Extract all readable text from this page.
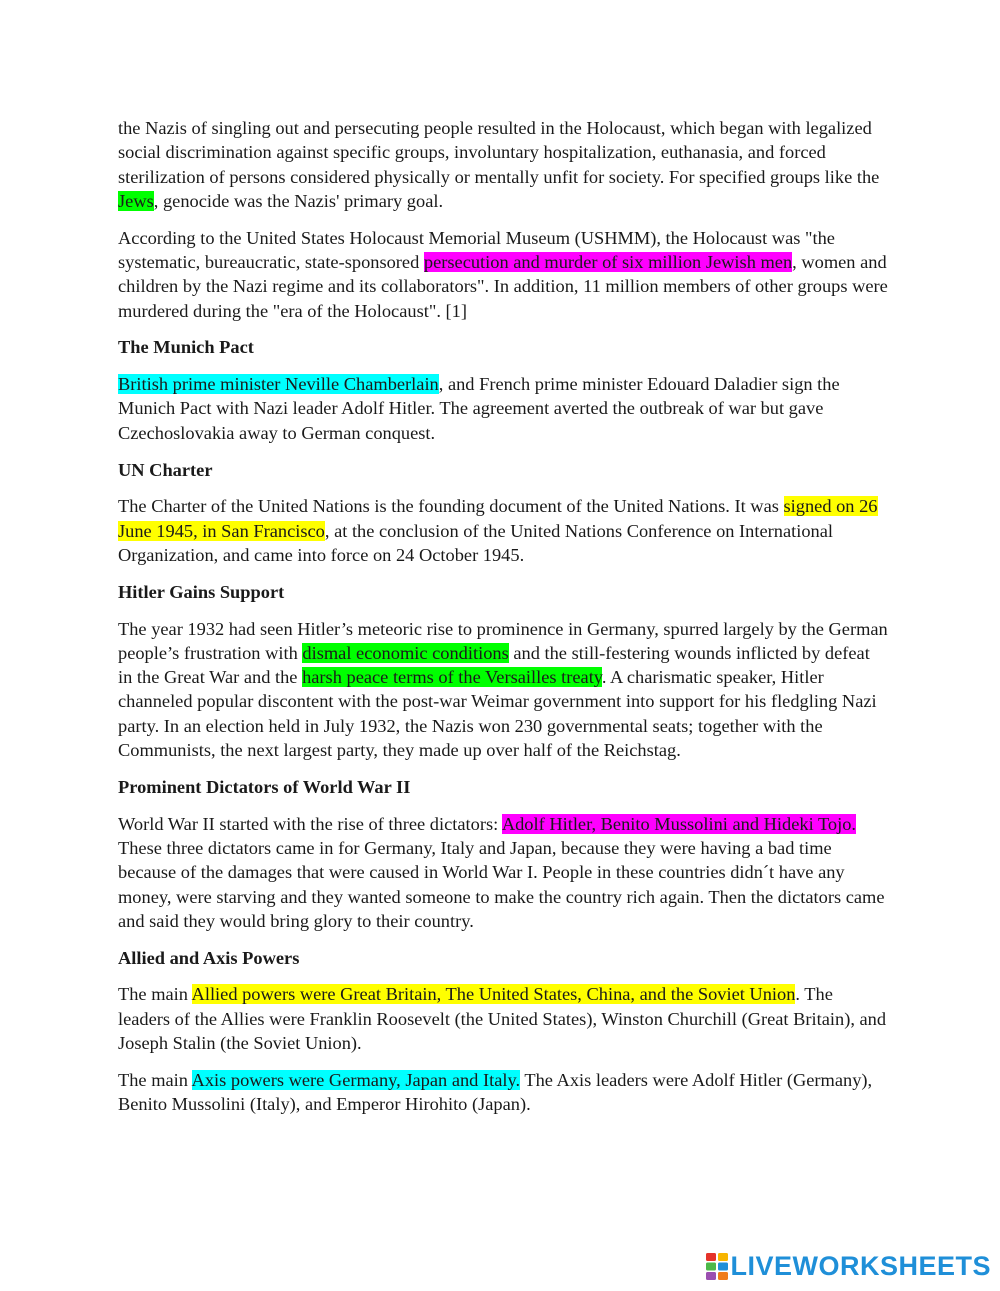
the Nazis of singling out and persecuting people resulted in the Holocaust, which began with legalized social discrimination against specific groups, involuntary hospitalization, euthanasia, and forced sterilization of persons considered physically or mentally unfit for society. For specified groups like the Jews, genocide was the Nazis' primary goal.

According to the United States Holocaust Memorial Museum (USHMM), the Holocaust was "the systematic, bureaucratic, state-sponsored persecution and murder of six million Jewish men, women and children by the Nazi regime and its collaborators". In addition, 11 million members of other groups were murdered during the "era of the Holocaust". [1]

The Munich Pact

British prime minister Neville Chamberlain, and French prime minister Edouard Daladier sign the Munich Pact with Nazi leader Adolf Hitler. The agreement averted the outbreak of war but gave Czechoslovakia away to German conquest.

UN Charter

The Charter of the United Nations is the founding document of the United Nations. It was signed on 26 June 1945, in San Francisco, at the conclusion of the United Nations Conference on International Organization, and came into force on 24 October 1945.

Hitler Gains Support

The year 1932 had seen Hitler’s meteoric rise to prominence in Germany, spurred largely by the German people’s frustration with dismal economic conditions and the still-festering wounds inflicted by defeat in the Great War and the harsh peace terms of the Versailles treaty. A charismatic speaker, Hitler channeled popular discontent with the post-war Weimar government into support for his fledgling Nazi party. In an election held in July 1932, the Nazis won 230 governmental seats; together with the Communists, the next largest party, they made up over half of the Reichstag.

Prominent Dictators of World War II

World War II started with the rise of three dictators: Adolf Hitler, Benito Mussolini and Hideki Tojo. These three dictators came in for Germany, Italy and Japan, because they were having a bad time because of the damages that were caused in World War I. People in these countries didn´t have any money, were starving and they wanted someone to make the country rich again. Then the dictators came and said they would bring glory to their country.

Allied and Axis Powers

The main Allied powers were Great Britain, The United States, China, and the Soviet Union. The leaders of the Allies were Franklin Roosevelt (the United States), Winston Churchill (Great Britain), and Joseph Stalin (the Soviet Union).

The main Axis powers were Germany, Japan and Italy. The Axis leaders were Adolf Hitler (Germany), Benito Mussolini (Italy), and Emperor Hirohito (Japan).

LIVEWORKSHEETS
